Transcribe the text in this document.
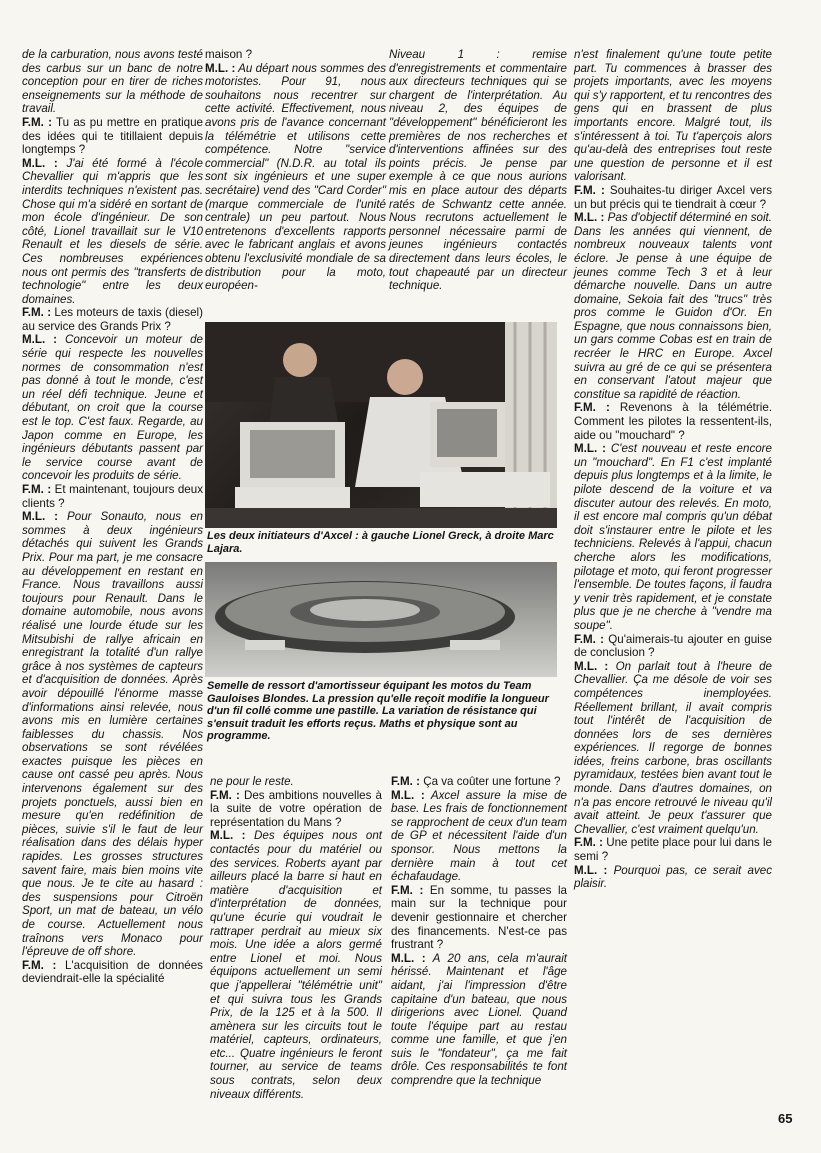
de la carburation, nous avons testé des carbus sur un banc de notre conception pour en tirer de riches enseignements sur la méthode de travail.

F.M. : Tu as pu mettre en pratique des idées qui te titillaient depuis longtemps ?

M.L. : J'ai été formé à l'école Chevallier qui m'appris que les interdits techniques n'existent pas. Chose qui m'a sidéré en sortant de mon école d'ingénieur. De son côté, Lionel travaillait sur le V10 Renault et les diesels de série. Ces nombreuses expériences nous ont permis des "transferts de technologie" entre les deux domaines.

F.M. : Les moteurs de taxis (diesel) au service des Grands Prix ?

M.L. : Concevoir un moteur de série qui respecte les nouvelles normes de consommation n'est pas donné à tout le monde, c'est un réel défi technique. Jeune et débutant, on croit que la course est le top. C'est faux. Regarde, au Japon comme en Europe, les ingénieurs débutants passent par le service course avant de concevoir les produits de série.

F.M. : Et maintenant, toujours deux clients ?

M.L. : Pour Sonauto, nous en sommes à deux ingénieurs détachés qui suivent les Grands Prix. Pour ma part, je me consacre au développement en restant en France. Nous travaillons aussi toujours pour Renault. Dans le domaine automobile, nous avons réalisé une lourde étude sur les Mitsubishi de rallye africain en enregistrant la totalité d'un rallye grâce à nos systèmes de capteurs et d'acquisition de données. Après avoir dépouillé l'énorme masse d'informations ainsi relevée, nous avons mis en lumière certaines faiblesses du chassis. Nos observations se sont révélées exactes puisque les pièces en cause ont cassé peu après. Nous intervenons également sur des projets ponctuels, aussi bien en mesure qu'en redéfinition de pièces, suivie s'il le faut de leur réalisation dans des délais hyper rapides. Les grosses structures savent faire, mais bien moins vite que nous. Je te cite au hasard : des suspensions pour Citroën Sport, un mat de bateau, un vélo de course. Actuellement nous traînons vers Monaco pour l'épreuve de off shore.

F.M. : L'acquisition de données deviendrait-elle la spécialité

maison ?

M.L. : Au départ nous sommes des motoristes. Pour 91, nous souhaitons nous recentrer sur cette activité. Effectivement, nous avons pris de l'avance concernant la télémétrie et utilisons cette compétence. Notre "service commercial" (N.D.R. au total ils sont six ingénieurs et une super secrétaire) vend des "Card Corder" (marque commerciale de l'unité centrale) un peu partout. Nous entretenons d'excellents rapports avec le fabricant anglais et avons obtenu l'exclusivité mondiale de sa distribution pour la moto, européen-

Niveau 1 : remise d'enregistrements et commentaire aux directeurs techniques qui se chargent de l'interprétation. Au niveau 2, des équipes de "développement" bénéficieront les premières de nos recherches et d'interventions affinées sur des points précis. Je pense par exemple à ce que nous aurions mis en place autour des départs ratés de Schwantz cette année. Nous recrutons actuellement le personnel nécessaire parmi de jeunes ingénieurs contactés directement dans leurs écoles, le tout chapeauté par un directeur technique.

n'est finalement qu'une toute petite part. Tu commences à brasser des projets importants, avec les moyens qui s'y rapportent, et tu rencontres des gens qui en brassent de plus importants encore. Malgré tout, ils s'intéressent à toi. Tu t'aperçois alors qu'au-delà des entreprises tout reste une question de personne et il est valorisant.

F.M. : Souhaites-tu diriger Axcel vers un but précis qui te tiendrait à cœur ?

M.L. : Pas d'objectif déterminé en soit. Dans les années qui viennent, de nombreux nouveaux talents vont éclore. Je pense à une équipe de jeunes comme Tech 3 et à leur démarche nouvelle. Dans un autre domaine, Sekoia fait des "trucs" très pros comme le Guidon d'Or. En Espagne, que nous connaissons bien, un gars comme Cobas est en train de recréer le HRC en Europe. Axcel suivra au gré de ce qui se présentera en conservant l'atout majeur que constitue sa rapidité de réaction.

F.M. : Revenons à la télémétrie. Comment les pilotes la ressentent-ils, aide ou "mouchard" ?

M.L. : C'est nouveau et reste encore un "mouchard". En F1 c'est implanté depuis plus longtemps et à la limite, le pilote descend de la voiture et va discuter autour des relevés. En moto, il est encore mal compris qu'un débat doit s'instaurer entre le pilote et les techniciens. Relevés à l'appui, chacun cherche alors les modifications, pilotage et moto, qui feront progresser l'ensemble. De toutes façons, il faudra y venir très rapidement, et je constate plus que je ne cherche à "vendre ma soupe".

F.M. : Qu'aimerais-tu ajouter en guise de conclusion ?

M.L. : On parlait tout à l'heure de Chevallier. Ça me désole de voir ses compétences inemployées. Réellement brillant, il avait compris tout l'intérêt de l'acquisition de données lors de ses dernières expériences. Il regorge de bonnes idées, freins carbone, bras oscillants pyramidaux, testées bien avant tout le monde. Dans d'autres domaines, on n'a pas encore retrouvé le niveau qu'il avait atteint. Je peux t'assurer que Chevallier, c'est vraiment quelqu'un.

F.M. : Une petite place pour lui dans le semi ?

M.L. : Pourquoi pas, ce serait avec plaisir.

Les deux initiateurs d'Axcel : à gauche Lionel Greck, à droite Marc Lajara.
Semelle de ressort d'amortisseur équipant les motos du Team Gauloises Blondes. La pression qu'elle reçoit modifie la longueur d'un fil collé comme une pastille. La variation de résistance qui s'ensuit traduit les efforts reçus. Maths et physique sont au programme.

ne pour le reste.

F.M. : Des ambitions nouvelles à la suite de votre opération de représentation du Mans ?

M.L. : Des équipes nous ont contactés pour du matériel ou des services. Roberts ayant par ailleurs placé la barre si haut en matière d'acquisition et d'interprétation de données, qu'une écurie qui voudrait le rattraper perdrait au mieux six mois. Une idée a alors germé entre Lionel et moi. Nous équipons actuellement un semi que j'appellerai "télémétrie unit" et qui suivra tous les Grands Prix, de la 125 et à la 500. Il amènera sur les circuits tout le matériel, capteurs, ordinateurs, etc... Quatre ingénieurs le feront tourner, au service de teams sous contrats, selon deux niveaux différents.

F.M. : Ça va coûter une fortune ?

M.L. : Axcel assure la mise de base. Les frais de fonctionnement se rapprochent de ceux d'un team de GP et nécessitent l'aide d'un sponsor. Nous mettons la dernière main à tout cet échafaudage.

F.M. : En somme, tu passes la main sur la technique pour devenir gestionnaire et chercher des financements. N'est-ce pas frustrant ?

M.L. : A 20 ans, cela m'aurait hérissé. Maintenant et l'âge aidant, j'ai l'impression d'être capitaine d'un bateau, que nous dirigerions avec Lionel. Quand toute l'équipe part au restau comme une famille, et que j'en suis le "fondateur", ça me fait drôle. Ces responsabilités te font comprendre que la technique

65
